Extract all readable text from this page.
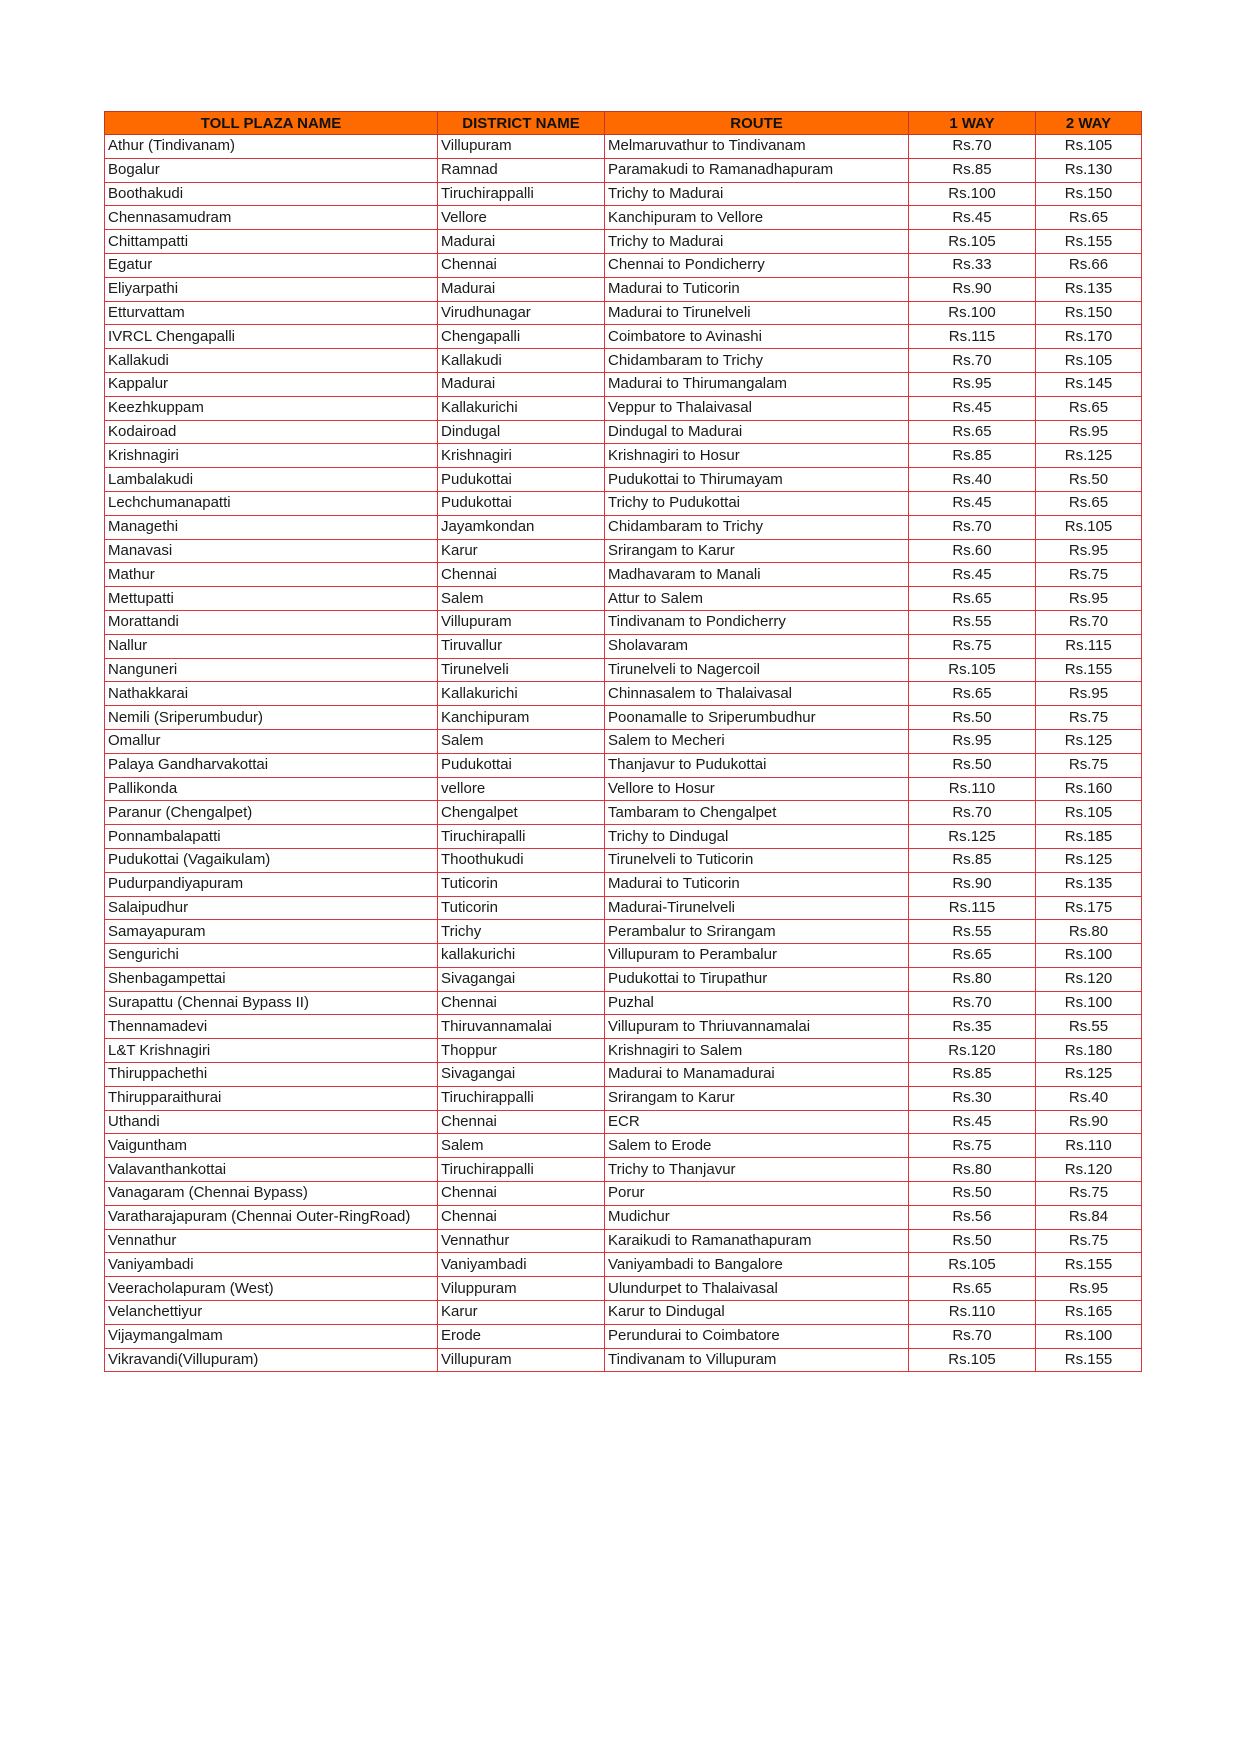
TOLL PLAZA NAME	DISTRICT NAME	ROUTE	1 WAY	2 WAY
Athur (Tindivanam)	Villupuram	Melmaruvathur to Tindivanam	Rs.70	Rs.105
Bogalur	Ramnad	Paramakudi to Ramanadhapuram	Rs.85	Rs.130
Boothakudi	Tiruchirappalli	Trichy to Madurai	Rs.100	Rs.150
Chennasamudram	Vellore	Kanchipuram to Vellore	Rs.45	Rs.65
Chittampatti	Madurai	Trichy to Madurai	Rs.105	Rs.155
Egatur	Chennai	Chennai to Pondicherry	Rs.33	Rs.66
Eliyarpathi	Madurai	Madurai to Tuticorin	Rs.90	Rs.135
Etturvattam	Virudhunagar	Madurai to Tirunelveli	Rs.100	Rs.150
IVRCL Chengapalli	Chengapalli	Coimbatore to Avinashi	Rs.115	Rs.170
Kallakudi	Kallakudi	Chidambaram to Trichy	Rs.70	Rs.105
Kappalur	Madurai	Madurai to Thirumangalam	Rs.95	Rs.145
Keezhkuppam	Kallakurichi	Veppur to Thalaivasal	Rs.45	Rs.65
Kodairoad	Dindugal	Dindugal to Madurai	Rs.65	Rs.95
Krishnagiri	Krishnagiri	Krishnagiri to Hosur	Rs.85	Rs.125
Lambalakudi	Pudukottai	Pudukottai to Thirumayam	Rs.40	Rs.50
Lechchumanapatti	Pudukottai	Trichy to Pudukottai	Rs.45	Rs.65
Managethi	Jayamkondan	Chidambaram to Trichy	Rs.70	Rs.105
Manavasi	Karur	Srirangam to Karur	Rs.60	Rs.95
Mathur	Chennai	Madhavaram to Manali	Rs.45	Rs.75
Mettupatti	Salem	Attur to Salem	Rs.65	Rs.95
Morattandi	Villupuram	Tindivanam to Pondicherry	Rs.55	Rs.70
Nallur	Tiruvallur	Sholavaram	Rs.75	Rs.115
Nanguneri	Tirunelveli	Tirunelveli to Nagercoil	Rs.105	Rs.155
Nathakkarai	Kallakurichi	Chinnasalem to Thalaivasal	Rs.65	Rs.95
Nemili (Sriperumbudur)	Kanchipuram	Poonamalle to Sriperumbudhur	Rs.50	Rs.75
Omallur	Salem	Salem to Mecheri	Rs.95	Rs.125
Palaya Gandharvakottai	Pudukottai	Thanjavur to Pudukottai	Rs.50	Rs.75
Pallikonda	vellore	Vellore to Hosur	Rs.110	Rs.160
Paranur (Chengalpet)	Chengalpet	Tambaram to Chengalpet	Rs.70	Rs.105
Ponnambalapatti	Tiruchirapalli	Trichy to Dindugal	Rs.125	Rs.185
Pudukottai (Vagaikulam)	Thoothukudi	Tirunelveli to Tuticorin	Rs.85	Rs.125
Pudurpandiyapuram	Tuticorin	Madurai to Tuticorin	Rs.90	Rs.135
Salaipudhur	Tuticorin	Madurai-Tirunelveli	Rs.115	Rs.175
Samayapuram	Trichy	Perambalur to Srirangam	Rs.55	Rs.80
Sengurichi	kallakurichi	Villupuram to Perambalur	Rs.65	Rs.100
Shenbagampettai	Sivagangai	Pudukottai to Tirupathur	Rs.80	Rs.120
Surapattu (Chennai Bypass II)	Chennai	Puzhal	Rs.70	Rs.100
Thennamadevi	Thiruvannamalai	Villupuram to Thriuvannamalai	Rs.35	Rs.55
L&T Krishnagiri	Thoppur	Krishnagiri to Salem	Rs.120	Rs.180
Thiruppachethi	Sivagangai	Madurai to Manamadurai	Rs.85	Rs.125
Thirupparaithurai	Tiruchirappalli	Srirangam to Karur	Rs.30	Rs.40
Uthandi	Chennai	ECR	Rs.45	Rs.90
Vaiguntham	Salem	Salem to Erode	Rs.75	Rs.110
Valavanthankottai	Tiruchirappalli	Trichy to Thanjavur	Rs.80	Rs.120
Vanagaram (Chennai Bypass)	Chennai	Porur	Rs.50	Rs.75
Varatharajapuram (Chennai Outer-RingRoad)	Chennai	Mudichur	Rs.56	Rs.84
Vennathur	Vennathur	Karaikudi to Ramanathapuram	Rs.50	Rs.75
Vaniyambadi	Vaniyambadi	Vaniyambadi to Bangalore	Rs.105	Rs.155
Veeracholapuram (West)	Viluppuram	Ulundurpet to Thalaivasal	Rs.65	Rs.95
Velanchettiyur	Karur	Karur to Dindugal	Rs.110	Rs.165
Vijaymangalmam	Erode	Perundurai to Coimbatore	Rs.70	Rs.100
Vikravandi(Villupuram)	Villupuram	Tindivanam to Villupuram	Rs.105	Rs.155
